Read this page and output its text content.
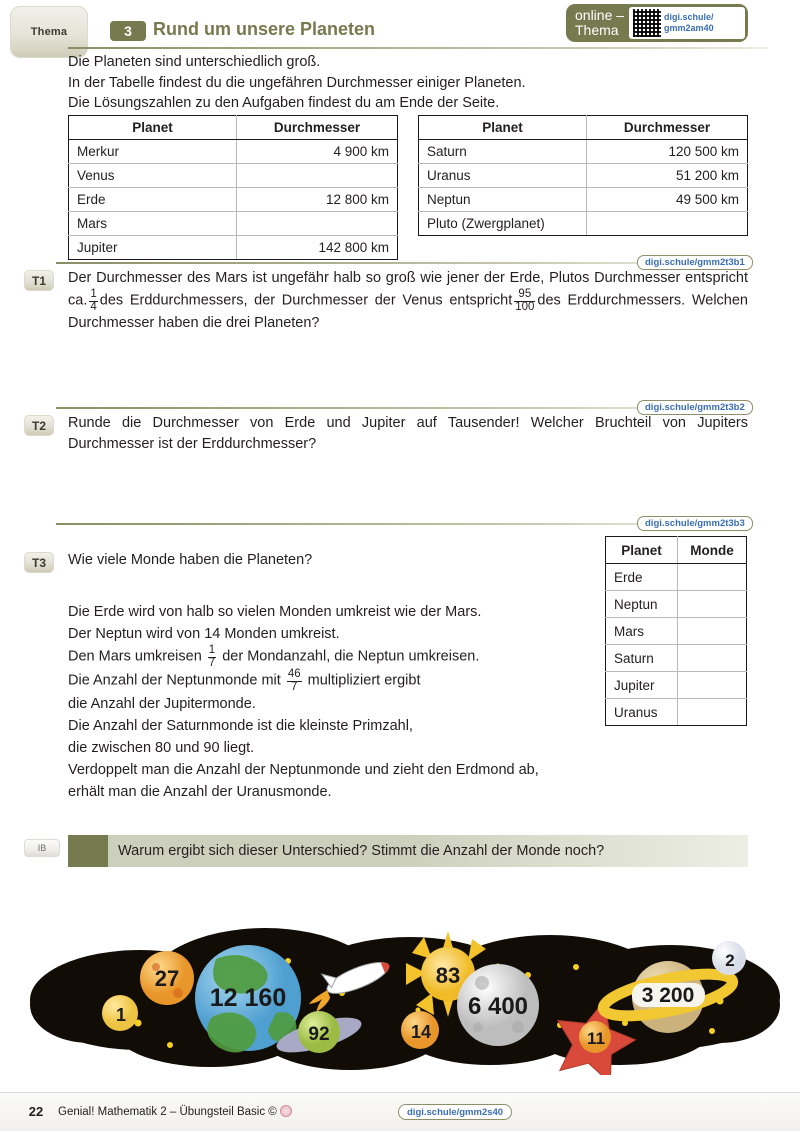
Thema	3 Rund um unsere Planeten
online –
Thema
digi.schule/
gmm2am40
Die Planeten sind unterschiedlich groß.
In der Tabelle findest du die ungefähren Durchmesser einiger Planeten.
Die Lösungszahlen zu den Aufgaben findest du am Ende der Seite.
Planet	Durchmesser
Merkur	4 900 km
Venus	
Erde	12 800 km
Mars	
Jupiter	142 800 km
Planet	Durchmesser
Saturn	120 500 km
Uranus	51 200 km
Neptun	49 500 km
Pluto (Zwergplanet)	
digi.schule/gmm2t3b1
T1 Der Durchmesser des Mars ist ungefähr halb so groß wie jener der Erde, Plutos Durchmesser entspricht ca. $\frac{1}{4}$ des Erddurchmessers, der Durchmesser der Venus entspricht $\frac{95}{100}$ des Erddurchmessers. Welchen Durchmesser haben die drei Planeten?
digi.schule/gmm2t3b2
T2 Runde die Durchmesser von Erde und Jupiter auf Tausender! Welcher Bruchteil von Jupiters Durchmesser ist der Erddurchmesser?
digi.schule/gmm2t3b3
T3 Wie viele Monde haben die Planeten?
Die Erde wird von halb so vielen Monden umkreist wie der Mars.
Der Neptun wird von 14 Monden umkreist.
Den Mars umkreisen $\frac{1}{7}$ der Mondanzahl, die Neptun umkreisen.
Die Anzahl der Neptunmonde mit $\frac{46}{7}$ multipliziert ergibt
die Anzahl der Jupitermonde.
Die Anzahl der Saturnmonde ist die kleinste Primzahl,
die zwischen 80 und 90 liegt.
Verdoppelt man die Anzahl der Neptunmonde und zieht den Erdmond ab,
erhält man die Anzahl der Uranusmonde.
Planet	Monde
Erde	
Neptun	
Mars	
Saturn	
Jupiter	
Uranus	
IB	Warum ergibt sich dieser Unterschied? Stimmt die Anzahl der Monde noch?
27
1
12 160
92
83
14
6 400
11
3 200
2
22	Genial! Mathematik 2 – Übungsteil Basic ©	digi.schule/gmm2s40
